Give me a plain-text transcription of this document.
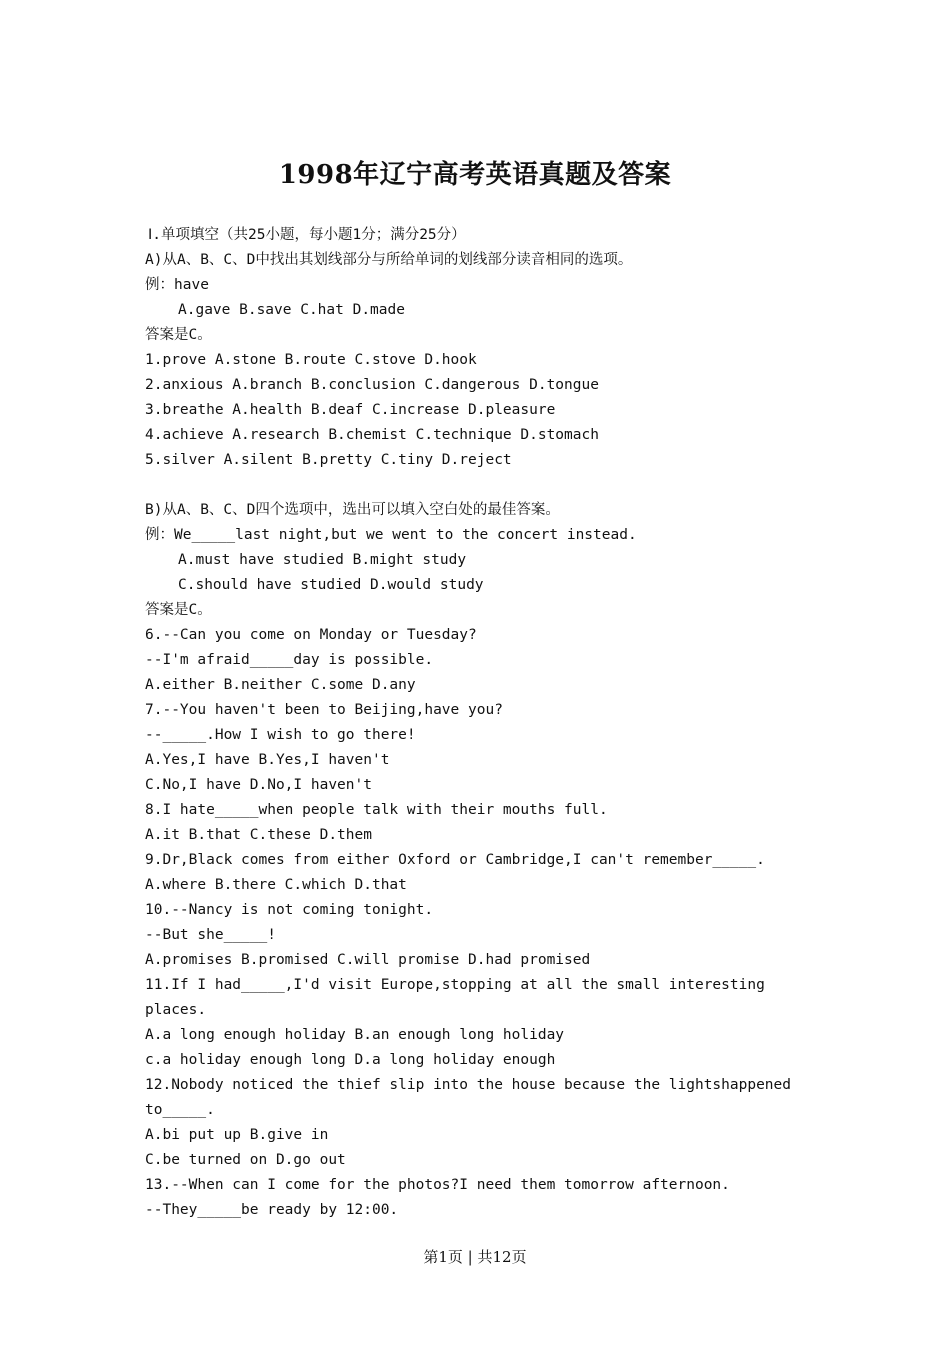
1998年辽宁高考英语真题及答案
Ⅰ.单项填空（共25小题，每小题1分；满分25分）
A)从A、B、C、D中找出其划线部分与所给单词的划线部分读音相同的选项。
例：have
A.gave B.save C.hat D.made
答案是C。
1.prove A.stone B.route C.stove D.hook
2.anxious A.branch B.conclusion C.dangerous D.tongue
3.breathe A.health B.deaf C.increase D.pleasure
4.achieve A.research B.chemist C.technique D.stomach
5.silver A.silent B.pretty C.tiny D.reject
B)从A、B、C、D四个选项中，选出可以填入空白处的最佳答案。
例：We_____last night,but we went to the concert instead.
A.must have studied B.might study
C.should have studied D.would study
答案是C。
6.--Can you come on Monday or Tuesday?
--I'm afraid_____day is possible.
A.either B.neither C.some D.any
7.--You haven't been to Beijing,have you?
--_____.How I wish to go there!
A.Yes,I have B.Yes,I haven't
C.No,I have D.No,I haven't
8.I hate_____when people talk with their mouths full.
A.it B.that C.these D.them
9.Dr,Black comes from either Oxford or Cambridge,I can't remember_____.
A.where B.there C.which D.that
10.--Nancy is not coming tonight.
--But she_____!
A.promises B.promised C.will promise D.had promised
11.If I had_____,I'd visit Europe,stopping at all the small interesting
places.
A.a long enough holiday B.an enough long holiday
c.a holiday enough long D.a long holiday enough
12.Nobody noticed the thief slip into the house because the lightshappened
to_____.
A.bi put up B.give in
C.be turned on D.go out
13.--When can I come for the photos?I need them tomorrow afternoon.
--They_____be ready by 12:00.
第1页 | 共12页
